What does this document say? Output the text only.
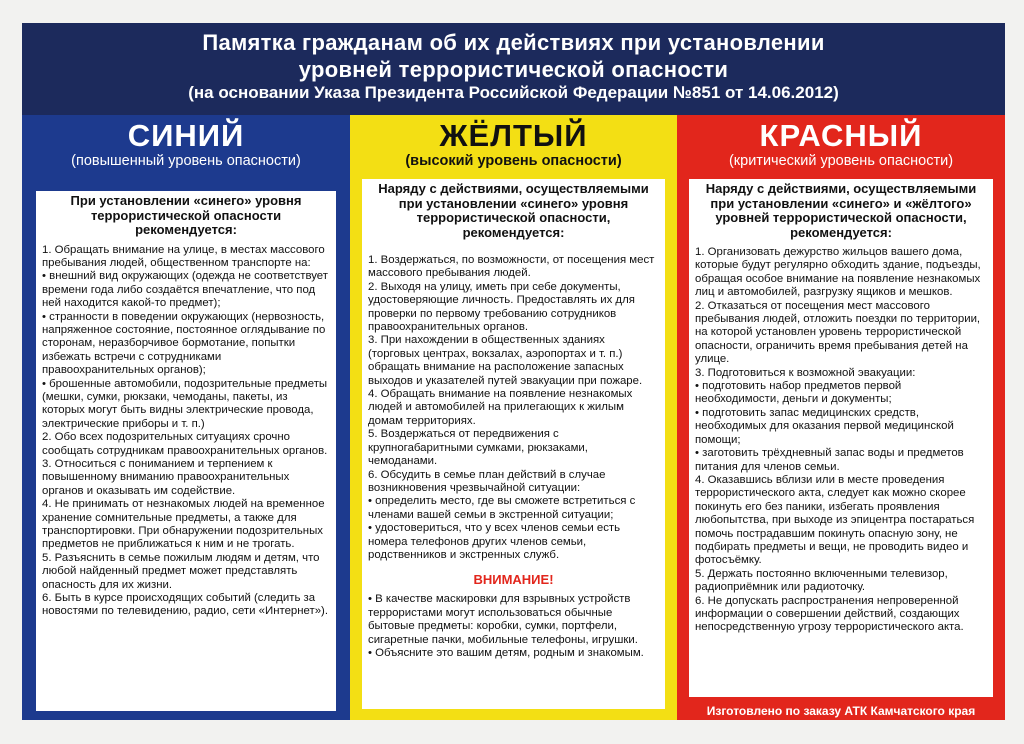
Памятка гражданам об их действиях при установлении
уровней террористической опасности
(на основании Указа Президента Российской Федерации №851 от 14.06.2012)
СИНИЙ
(повышенный уровень опасности)
При установлении «синего» уровня террористической опасности рекомендуется:

1. Обращать внимание на улице, в местах массового пребывания людей, общественном транспорте на:

• внешний вид окружающих (одежда не соответствует времени года либо создаётся впечатление, что под ней находится какой-то предмет);

• странности в поведении окружающих (нервозность, напряженное состояние, постоянное оглядывание по сторонам, неразборчивое бормотание, попытки избежать встречи с сотрудниками правоохранительных органов);

• брошенные автомобили, подозрительные предметы (мешки, сумки, рюкзаки, чемоданы, пакеты, из которых могут быть видны электрические провода, электрические приборы и т. п.)

2. Обо всех подозрительных ситуациях срочно сообщать сотрудникам правоохранительных органов.

3. Относиться с пониманием и терпением к повышенному вниманию правоохранительных органов и оказывать им содействие.

4. Не принимать от незнакомых людей на временное хранение сомнительные предметы, а также для транспортировки. При обнаружении подозрительных предметов не приближаться к ним и не трогать.

5. Разъяснить в семье пожилым людям и детям, что любой найденный предмет может представлять опасность для их жизни.

6. Быть в курсе происходящих событий (следить за новостями по телевидению, радио, сети «Интернет»).

ЖЁЛТЫЙ
(высокий уровень опасности)
Наряду с действиями, осуществляемыми при установлении «синего» уровня террористической опасности, рекомендуется:

1. Воздержаться, по возможности, от посещения мест массового пребывания людей.

2. Выходя на улицу, иметь при себе документы, удостоверяющие личность. Предоставлять их для проверки по первому требованию сотрудников правоохранительных органов.

3. При нахождении в общественных зданиях (торговых центрах, вокзалах, аэропортах и т. п.) обращать внимание на расположение запасных выходов и указателей путей эвакуации при пожаре.

4. Обращать внимание на появление незнакомых людей и автомобилей на прилегающих к жилым домам территориях.

5. Воздержаться от передвижения с крупногабаритными сумками, рюкзаками, чемоданами.

6. Обсудить в семье план действий в случае возникновения чрезвычайной ситуации:

• определить место, где вы сможете встретиться с членами вашей семьи в экстренной ситуации;

• удостовериться, что у всех членов семьи есть номера телефонов других членов семьи, родственников и экстренных служб.

ВНИМАНИЕ!

• В качестве маскировки для взрывных устройств террористами могут использоваться обычные бытовые предметы: коробки, сумки, портфели, сигаретные пачки, мобильные телефоны, игрушки.

• Объясните это вашим детям, родным и знакомым.

КРАСНЫЙ
(критический уровень опасности)
Наряду с действиями, осуществляемыми при установлении «синего» и «жёлтого» уровней террористической опасности, рекомендуется:

1. Организовать дежурство жильцов вашего дома, которые будут регулярно обходить здание, подъезды, обращая особое внимание на появление незнакомых лиц и автомобилей, разгрузку ящиков и мешков.

2. Отказаться от посещения мест массового пребывания людей, отложить поездки по территории, на которой установлен уровень террористической опасности, ограничить время пребывания детей на улице.

3. Подготовиться к возможной эвакуации:

• подготовить набор предметов первой необходимости, деньги и документы;

• подготовить запас медицинских средств, необходимых для оказания первой медицинской помощи;

• заготовить трёхдневный запас воды и предметов питания для членов семьи.

4. Оказавшись вблизи или в месте проведения террористического акта, следует как можно скорее покинуть его без паники, избегать проявления любопытства, при выходе из эпицентра постараться помочь пострадавшим покинуть опасную зону, не подбирать предметы и вещи, не проводить видео и фотосъёмку.

5. Держать постоянно включенными телевизор, радиоприёмник или радиоточку.

6. Не допускать распространения непроверенной информации о совершении действий, создающих непосредственную угрозу террористического акта.

Изготовлено по заказу АТК Камчатского края
